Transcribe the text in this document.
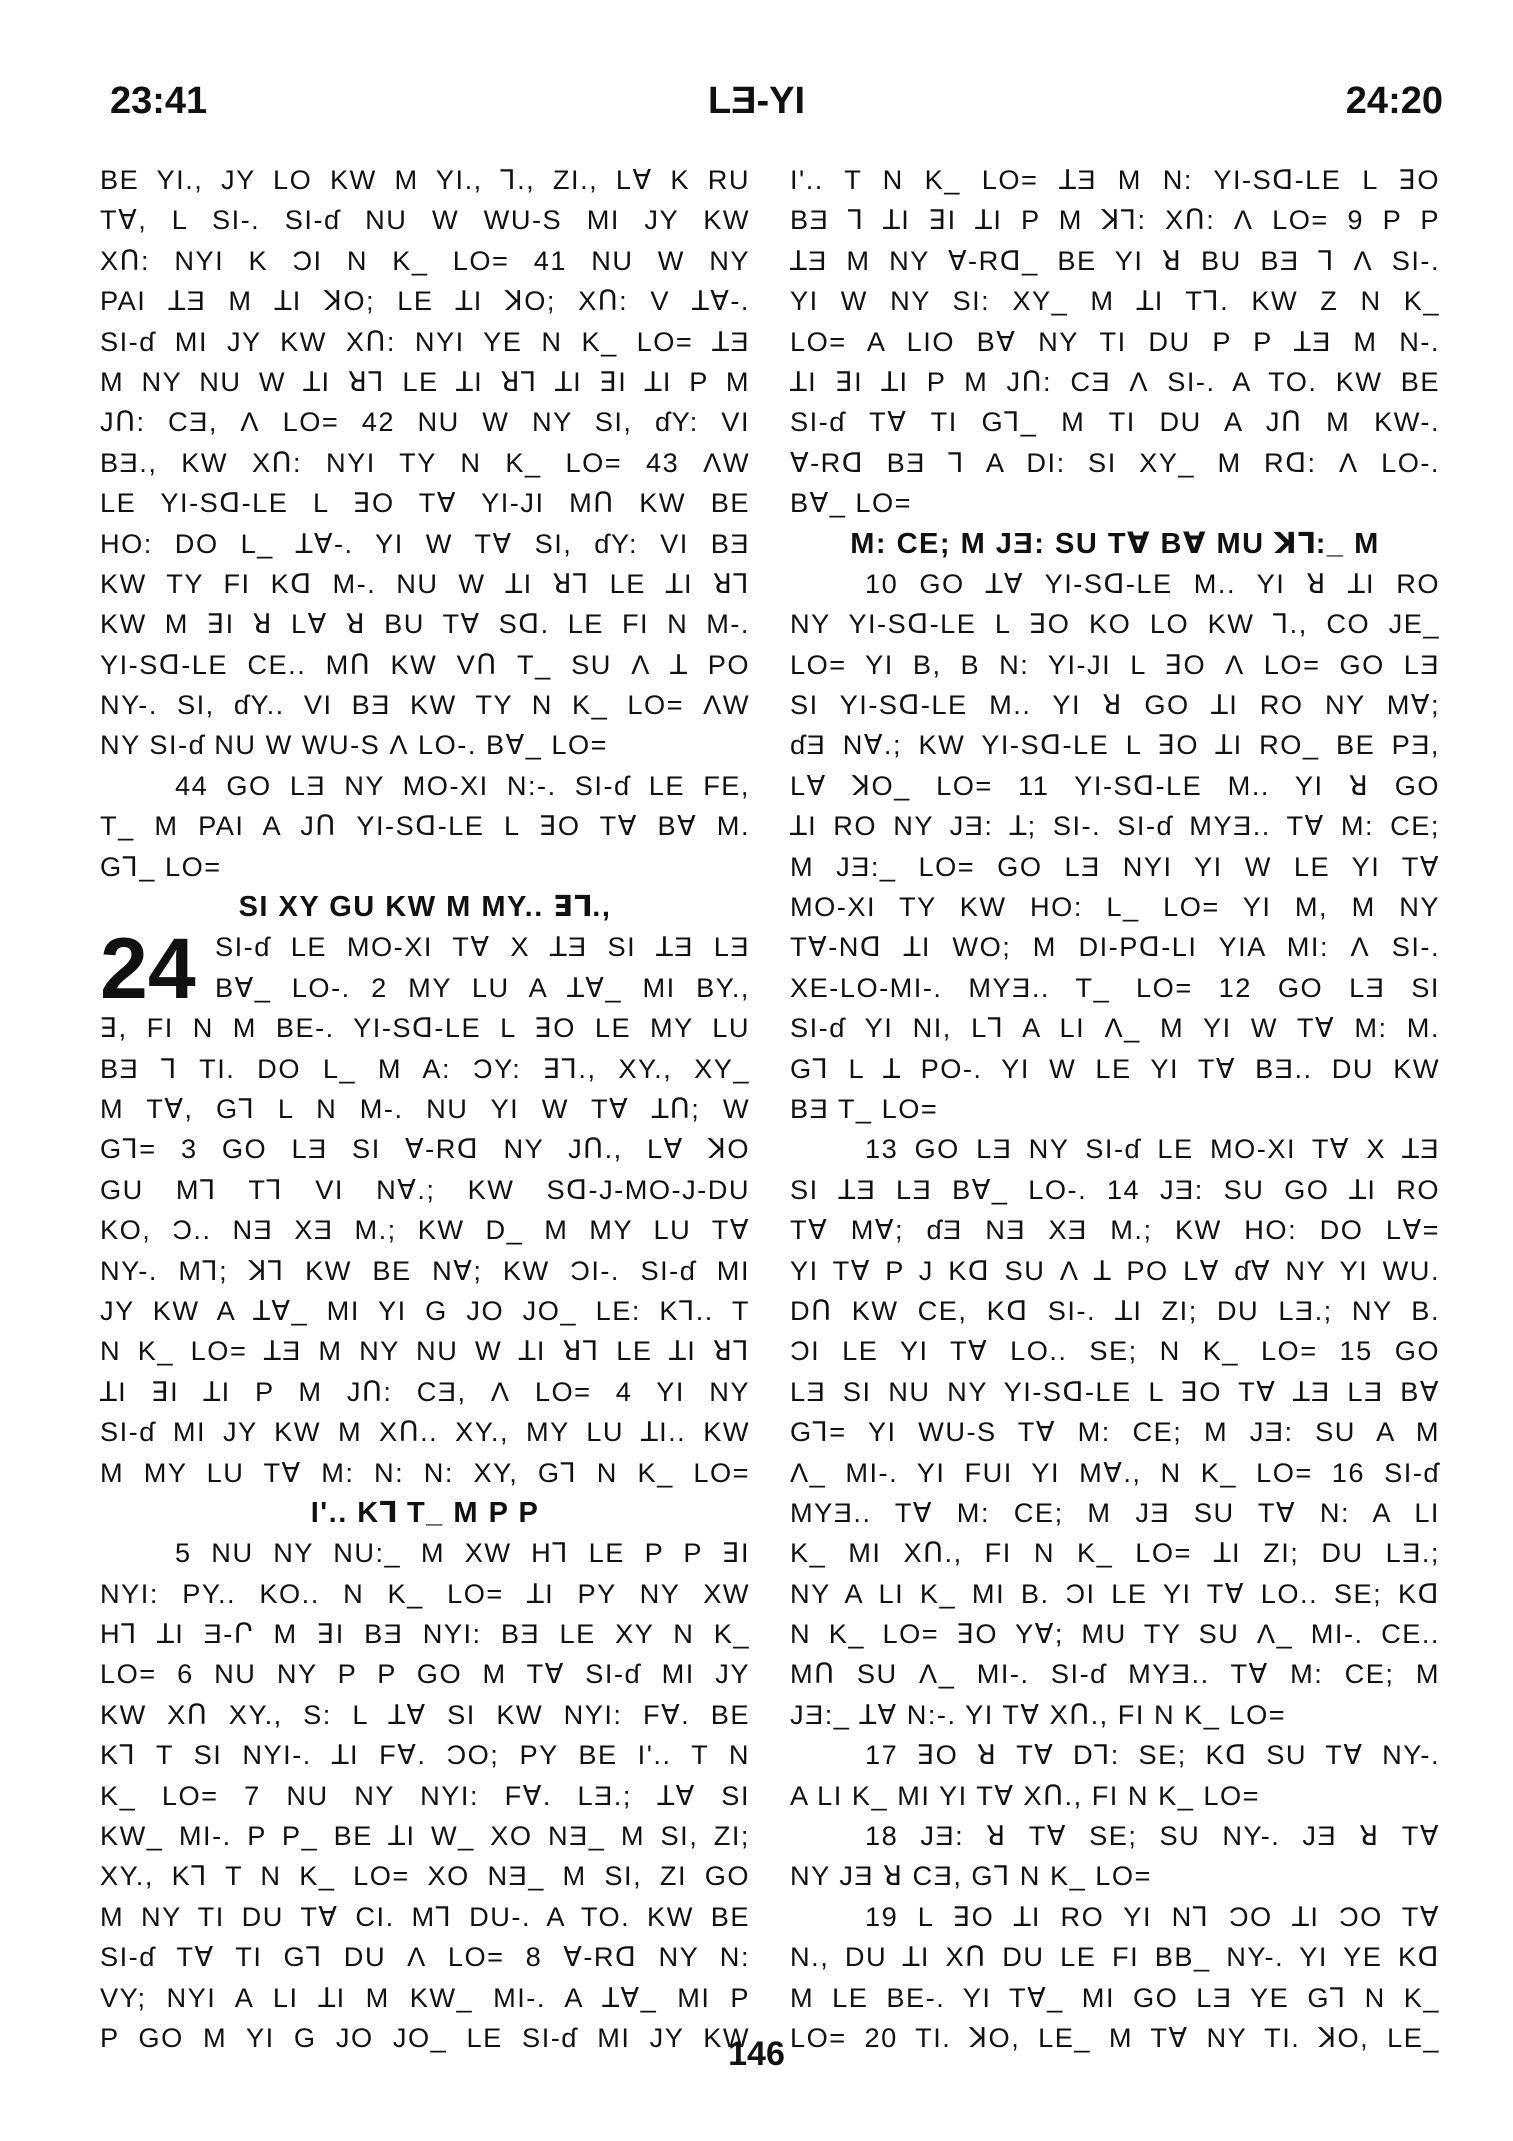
23:41	LƎ-YI	24:20
BE YI., JY LO KW M YI., ⅂., ZI., LⱯ K RU
TⱯ, L SI-. SI-ɗ NU W WU-S MI JY KW
XՈ: NYI K ƆI N K_ LO= 41 NU W NY
PAI ꓕƎ M ꓕI ꓘO; LE ꓕI ꓘO; XՈ: V ꓕⱯ-.
SI-ɗ MI JY KW XՈ: NYI YE N K_ LO= ꓕƎ
M NY NU W ꓕI ꓤ⅂ LE ꓕI ꓤ⅂ ꓕI ꓱI ꓕI P M
JՈ: CƎ, Ʌ LO= 42 NU W NY SI, ɗY: VI
BƎ., KW XՈ: NYI TY N K_ LO= 43 ɅW
LE YI-Sꓷ-LE L ꓱO TⱯ YI-JI MՈ KW BE
HO: DO L_ ꓕⱯ-. YI W TⱯ SI, ɗY: VI BƎ
KW TY FI Kꓷ M-. NU W ꓕI ꓤ⅂ LE ꓕI ꓤ⅂
KW M ꓱI ꓤ LⱯ ꓤ BU TⱯ Sꓷ. LE FI N M-.
YI-Sꓷ-LE CE.. MՈ KW VՈ T_ SU Ʌ ꓕ PO
NY-. SI, ɗY.. VI BƎ KW TY N K_ LO= ɅW
NY SI-ɗ NU W WU-S Ʌ LO-. BⱯ_ LO=
44 GO LƎ NY MO-XI N:-. SI-ɗ LE FE,
T_ M PAI A JՈ YI-Sꓷ-LE L ꓱO TⱯ BⱯ M.
G⅂_ LO=
SI XY GU KW M MY.. ꓱ⅂.,
24 SI-ɗ LE MO-XI TⱯ X ꓕƎ SI ꓕƎ LƎ
BⱯ_ LO-. 2 MY LU A ꓕⱯ_ MI BY.,
ꓱ, FI N M BE-. YI-Sꓷ-LE L ꓱO LE MY LU
BƎ ⅂ TI. DO L_ M A: ƆY: ꓱ⅂., XY., XY_
M TⱯ, G⅂ L N M-. NU YI W TⱯ ꓕՈ; W
G⅂= 3 GO LƎ SI Ɐ-Rꓷ NY JՈ., LⱯ ꓘO
GU M⅂ T⅂ VI NⱯ.; KW Sꓷ-J-MO-J-DU
KO, Ɔ.. NƎ XƎ M.; KW D_ M MY LU TⱯ
NY-. M⅂; ꓘ⅂ KW BE NⱯ; KW ƆI-. SI-ɗ MI
JY KW A ꓕⱯ_ MI YI G JO JO_ LE: K⅂.. T
N K_ LO= ꓕƎ M NY NU W ꓕI ꓤ⅂ LE ꓕI ꓤ⅂
ꓕI ꓱI ꓕI P M JՈ: CƎ, Ʌ LO= 4 YI NY
SI-ɗ MI JY KW M XՈ.. XY., MY LU ꓕI.. KW
M MY LU TⱯ M: N: N: XY, G⅂ N K_ LO=
I'.. K⅂ T_ M P P
5 NU NY NU:_ M XW H⅂ LE P P ꓱI
NYI: PY.. KO.. N K_ LO= ꓕI PY NY XW
H⅂ ꓕI Ǝ-Ր M ꓱI BƎ NYI: BƎ LE XY N K_
LO= 6 NU NY P P GO M TⱯ SI-ɗ MI JY
KW XՈ XY., S: L ꓕⱯ SI KW NYI: FⱯ. BE
K⅂ T SI NYI-. ꓕI FⱯ. ƆO; PY BE I'.. T N
K_ LO= 7 NU NY NYI: FⱯ. LƎ.; ꓕⱯ SI
KW_ MI-. P P_ BE ꓕI W_ XO NƎ_ M SI, ZI;
XY., K⅂ T N K_ LO= XO NƎ_ M SI, ZI GO
M NY TI DU TⱯ CI. M⅂ DU-. A TO. KW BE
SI-ɗ TⱯ TI G⅂ DU Ʌ LO= 8 Ɐ-Rꓷ NY N:
VY; NYI A LI ꓕI M KW_ MI-. A ꓕⱯ_ MI P
P GO M YI G JO JO_ LE SI-ɗ MI JY KW
I'.. T N K_ LO= ꓕƎ M N: YI-Sꓷ-LE L ꓱO
BƎ ⅂ ꓕI ꓱI ꓕI P M ꓘ⅂: XՈ: Ʌ LO= 9 P P
ꓕƎ M NY Ɐ-Rꓷ_ BE YI ꓤ BU BƎ ⅂ Ʌ SI-.
YI W NY SI: XY_ M ꓕI T⅂. KW Z N K_
LO= A LIO BⱯ NY TI DU P P ꓕƎ M N-.
ꓕI ꓱI ꓕI P M JՈ: CƎ Ʌ SI-. A TO. KW BE
SI-ɗ TⱯ TI G⅂_ M TI DU A JՈ M KW-.
Ɐ-Rꓷ BƎ ⅂ A DI: SI XY_ M Rꓷ: Ʌ LO-.
BⱯ_ LO=
M: CE; M JƎ: SU TⱯ BⱯ MU ꓘ⅂:_ M
10 GO ꓕⱯ YI-Sꓷ-LE M.. YI ꓤ ꓕI RO
NY YI-Sꓷ-LE L ꓱO KO LO KW ⅂., CO JE_
LO= YI B, B N: YI-JI L ꓱO Ʌ LO= GO LƎ
SI YI-Sꓷ-LE M.. YI ꓤ GO ꓕI RO NY MⱯ;
ɗƎ NⱯ.; KW YI-Sꓷ-LE L ꓱO ꓕI RO_ BE PƎ,
LⱯ ꓘO_ LO= 11 YI-Sꓷ-LE M.. YI ꓤ GO
ꓕI RO NY JƎ: ꓕ; SI-. SI-ɗ MYƎ.. TⱯ M: CE;
M JƎ:_ LO= GO LƎ NYI YI W LE YI TⱯ
MO-XI TY KW HO: L_ LO= YI M, M NY
TⱯ-Nꓷ ꓕI WO; M DI-Pꓷ-LI YIA MI: Ʌ SI-.
XE-LO-MI-. MYƎ.. T_ LO= 12 GO LƎ SI
SI-ɗ YI NI, L⅂ A LI Ʌ_ M YI W TⱯ M: M.
G⅂ L ꓕ PO-. YI W LE YI TⱯ BƎ.. DU KW
BƎ T_ LO=
13 GO LƎ NY SI-ɗ LE MO-XI TⱯ X ꓕƎ
SI ꓕƎ LƎ BⱯ_ LO-. 14 JƎ: SU GO ꓕI RO
TⱯ MⱯ; ɗƎ NƎ XƎ M.; KW HO: DO LⱯ=
YI TⱯ P J Kꓷ SU Ʌ ꓕ PO LⱯ ɗⱯ NY YI WU.
DՈ KW CE, Kꓷ SI-. ꓕI ZI; DU LƎ.; NY B.
ƆI LE YI TⱯ LO.. SE; N K_ LO= 15 GO
LƎ SI NU NY YI-Sꓷ-LE L ꓱO TⱯ ꓕƎ LƎ BⱯ
G⅂= YI WU-S TⱯ M: CE; M JƎ: SU A M
Ʌ_ MI-. YI FUI YI MⱯ., N K_ LO= 16 SI-ɗ
MYƎ.. TⱯ M: CE; M JƎ SU TⱯ N: A LI
K_ MI XՈ., FI N K_ LO= ꓕI ZI; DU LƎ.;
NY A LI K_ MI B. ƆI LE YI TⱯ LO.. SE; Kꓷ
N K_ LO= ꓱO YⱯ; MU TY SU Ʌ_ MI-. CE..
MՈ SU Ʌ_ MI-. SI-ɗ MYƎ.. TⱯ M: CE; M
JƎ:_ ꓕⱯ N:-. YI TⱯ XՈ., FI N K_ LO=
17 ꓱO ꓤ TⱯ D⅂: SE; Kꓷ SU TⱯ NY-.
A LI K_ MI YI TⱯ XՈ., FI N K_ LO=
18 JƎ: ꓤ TⱯ SE; SU NY-. JƎ ꓤ TⱯ
NY JƎ ꓤ CƎ, G⅂ N K_ LO=
19 L ꓱO ꓕI RO YI N⅂ ƆO ꓕI ƆO TⱯ
N., DU ꓕI XՈ DU LE FI BB_ NY-. YI YE Kꓷ
M LE BE-. YI TⱯ_ MI GO LƎ YE G⅂ N K_
LO= 20 TI. ꓘO, LE_ M TⱯ NY TI. ꓘO, LE_
146
